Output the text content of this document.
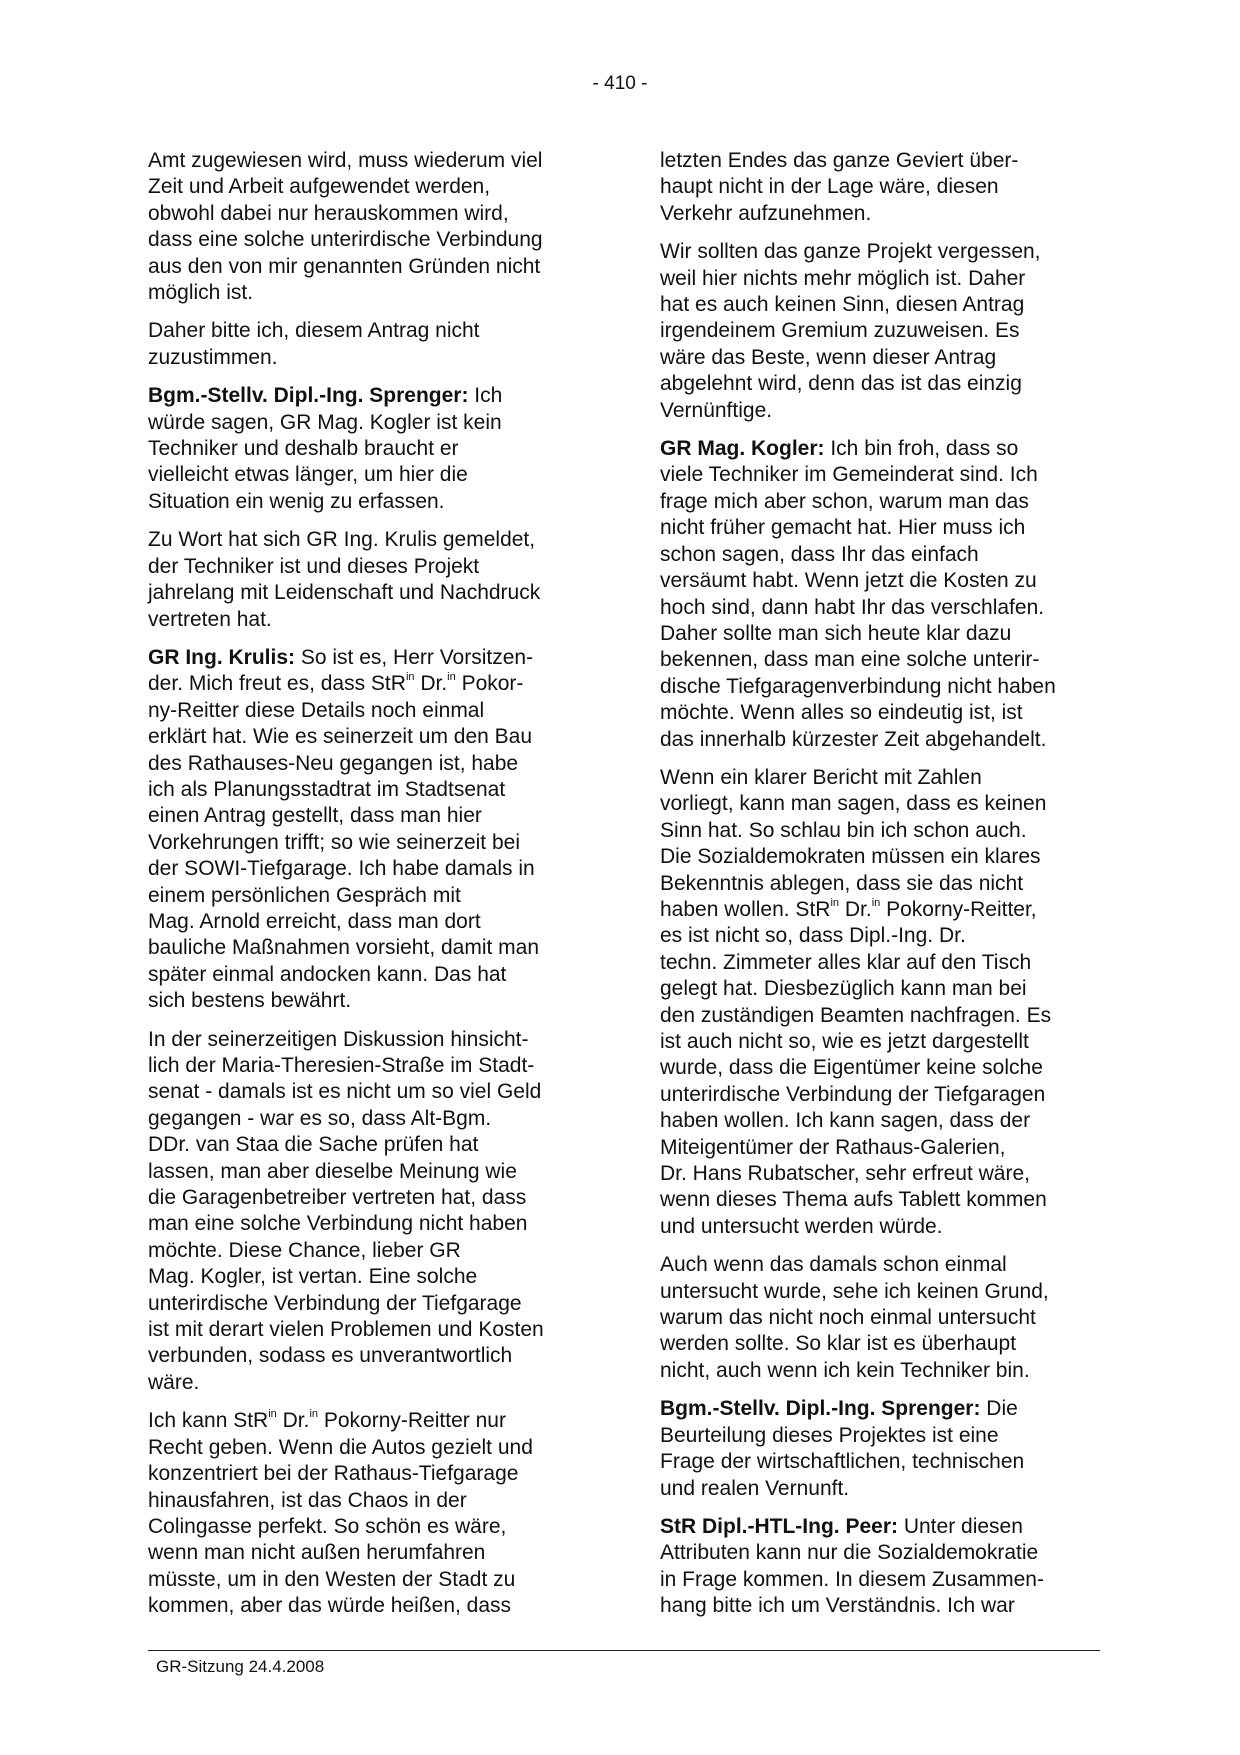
- 410 -

Amt zugewiesen wird, muss wiederum viel
Zeit und Arbeit aufgewendet werden,
obwohl dabei nur herauskommen wird,
dass eine solche unterirdische Verbindung
aus den von mir genannten Gründen nicht
möglich ist.

Daher bitte ich, diesem Antrag nicht
zuzustimmen.

Bgm.-Stellv. Dipl.-Ing. Sprenger: Ich
würde sagen, GR Mag. Kogler ist kein
Techniker und deshalb braucht er
vielleicht etwas länger, um hier die
Situation ein wenig zu erfassen.

Zu Wort hat sich GR Ing. Krulis gemeldet,
der Techniker ist und dieses Projekt
jahrelang mit Leidenschaft und Nachdruck
vertreten hat.

GR Ing. Krulis: So ist es, Herr Vorsitzen-
der. Mich freut es, dass StR$^{in}$ Dr.$^{in}$ Pokor-
ny-Reitter diese Details noch einmal
erklärt hat. Wie es seinerzeit um den Bau
des Rathauses-Neu gegangen ist, habe
ich als Planungsstadtrat im Stadtsenat
einen Antrag gestellt, dass man hier
Vorkehrungen trifft; so wie seinerzeit bei
der SOWI-Tiefgarage. Ich habe damals in
einem persönlichen Gespräch mit
Mag. Arnold erreicht, dass man dort
bauliche Maßnahmen vorsieht, damit man
später einmal andocken kann. Das hat
sich bestens bewährt.

In der seinerzeitigen Diskussion hinsicht-
lich der Maria-Theresien-Straße im Stadt-
senat - damals ist es nicht um so viel Geld
gegangen - war es so, dass Alt-Bgm.
DDr. van Staa die Sache prüfen hat
lassen, man aber dieselbe Meinung wie
die Garagenbetreiber vertreten hat, dass
man eine solche Verbindung nicht haben
möchte. Diese Chance, lieber GR
Mag. Kogler, ist vertan. Eine solche
unterirdische Verbindung der Tiefgarage
ist mit derart vielen Problemen und Kosten
verbunden, sodass es unverantwortlich
wäre.

Ich kann StR$^{in}$ Dr.$^{in}$ Pokorny-Reitter nur
Recht geben. Wenn die Autos gezielt und
konzentriert bei der Rathaus-Tiefgarage
hinausfahren, ist das Chaos in der
Colingasse perfekt. So schön es wäre,
wenn man nicht außen herumfahren
müsste, um in den Westen der Stadt zu
kommen, aber das würde heißen, dass

letzten Endes das ganze Geviert über-
haupt nicht in der Lage wäre, diesen
Verkehr aufzunehmen.

Wir sollten das ganze Projekt vergessen,
weil hier nichts mehr möglich ist. Daher
hat es auch keinen Sinn, diesen Antrag
irgendeinem Gremium zuzuweisen. Es
wäre das Beste, wenn dieser Antrag
abgelehnt wird, denn das ist das einzig
Vernünftige.

GR Mag. Kogler: Ich bin froh, dass so
viele Techniker im Gemeinderat sind. Ich
frage mich aber schon, warum man das
nicht früher gemacht hat. Hier muss ich
schon sagen, dass Ihr das einfach
versäumt habt. Wenn jetzt die Kosten zu
hoch sind, dann habt Ihr das verschlafen.
Daher sollte man sich heute klar dazu
bekennen, dass man eine solche unterir-
dische Tiefgaragenverbindung nicht haben
möchte. Wenn alles so eindeutig ist, ist
das innerhalb kürzester Zeit abgehandelt.

Wenn ein klarer Bericht mit Zahlen
vorliegt, kann man sagen, dass es keinen
Sinn hat. So schlau bin ich schon auch.
Die Sozialdemokraten müssen ein klares
Bekenntnis ablegen, dass sie das nicht
haben wollen. StR$^{in}$ Dr.$^{in}$ Pokorny-Reitter,
es ist nicht so, dass Dipl.-Ing. Dr.
techn. Zimmeter alles klar auf den Tisch
gelegt hat. Diesbezüglich kann man bei
den zuständigen Beamten nachfragen. Es
ist auch nicht so, wie es jetzt dargestellt
wurde, dass die Eigentümer keine solche
unterirdische Verbindung der Tiefgaragen
haben wollen. Ich kann sagen, dass der
Miteigentümer der Rathaus-Galerien,
Dr. Hans Rubatscher, sehr erfreut wäre,
wenn dieses Thema aufs Tablett kommen
und untersucht werden würde.

Auch wenn das damals schon einmal
untersucht wurde, sehe ich keinen Grund,
warum das nicht noch einmal untersucht
werden sollte. So klar ist es überhaupt
nicht, auch wenn ich kein Techniker bin.

Bgm.-Stellv. Dipl.-Ing. Sprenger: Die
Beurteilung dieses Projektes ist eine
Frage der wirtschaftlichen, technischen
und realen Vernunft.

StR Dipl.-HTL-Ing. Peer: Unter diesen
Attributen kann nur die Sozialdemokratie
in Frage kommen. In diesem Zusammen-
hang bitte ich um Verständnis. Ich war

GR-Sitzung 24.4.2008
